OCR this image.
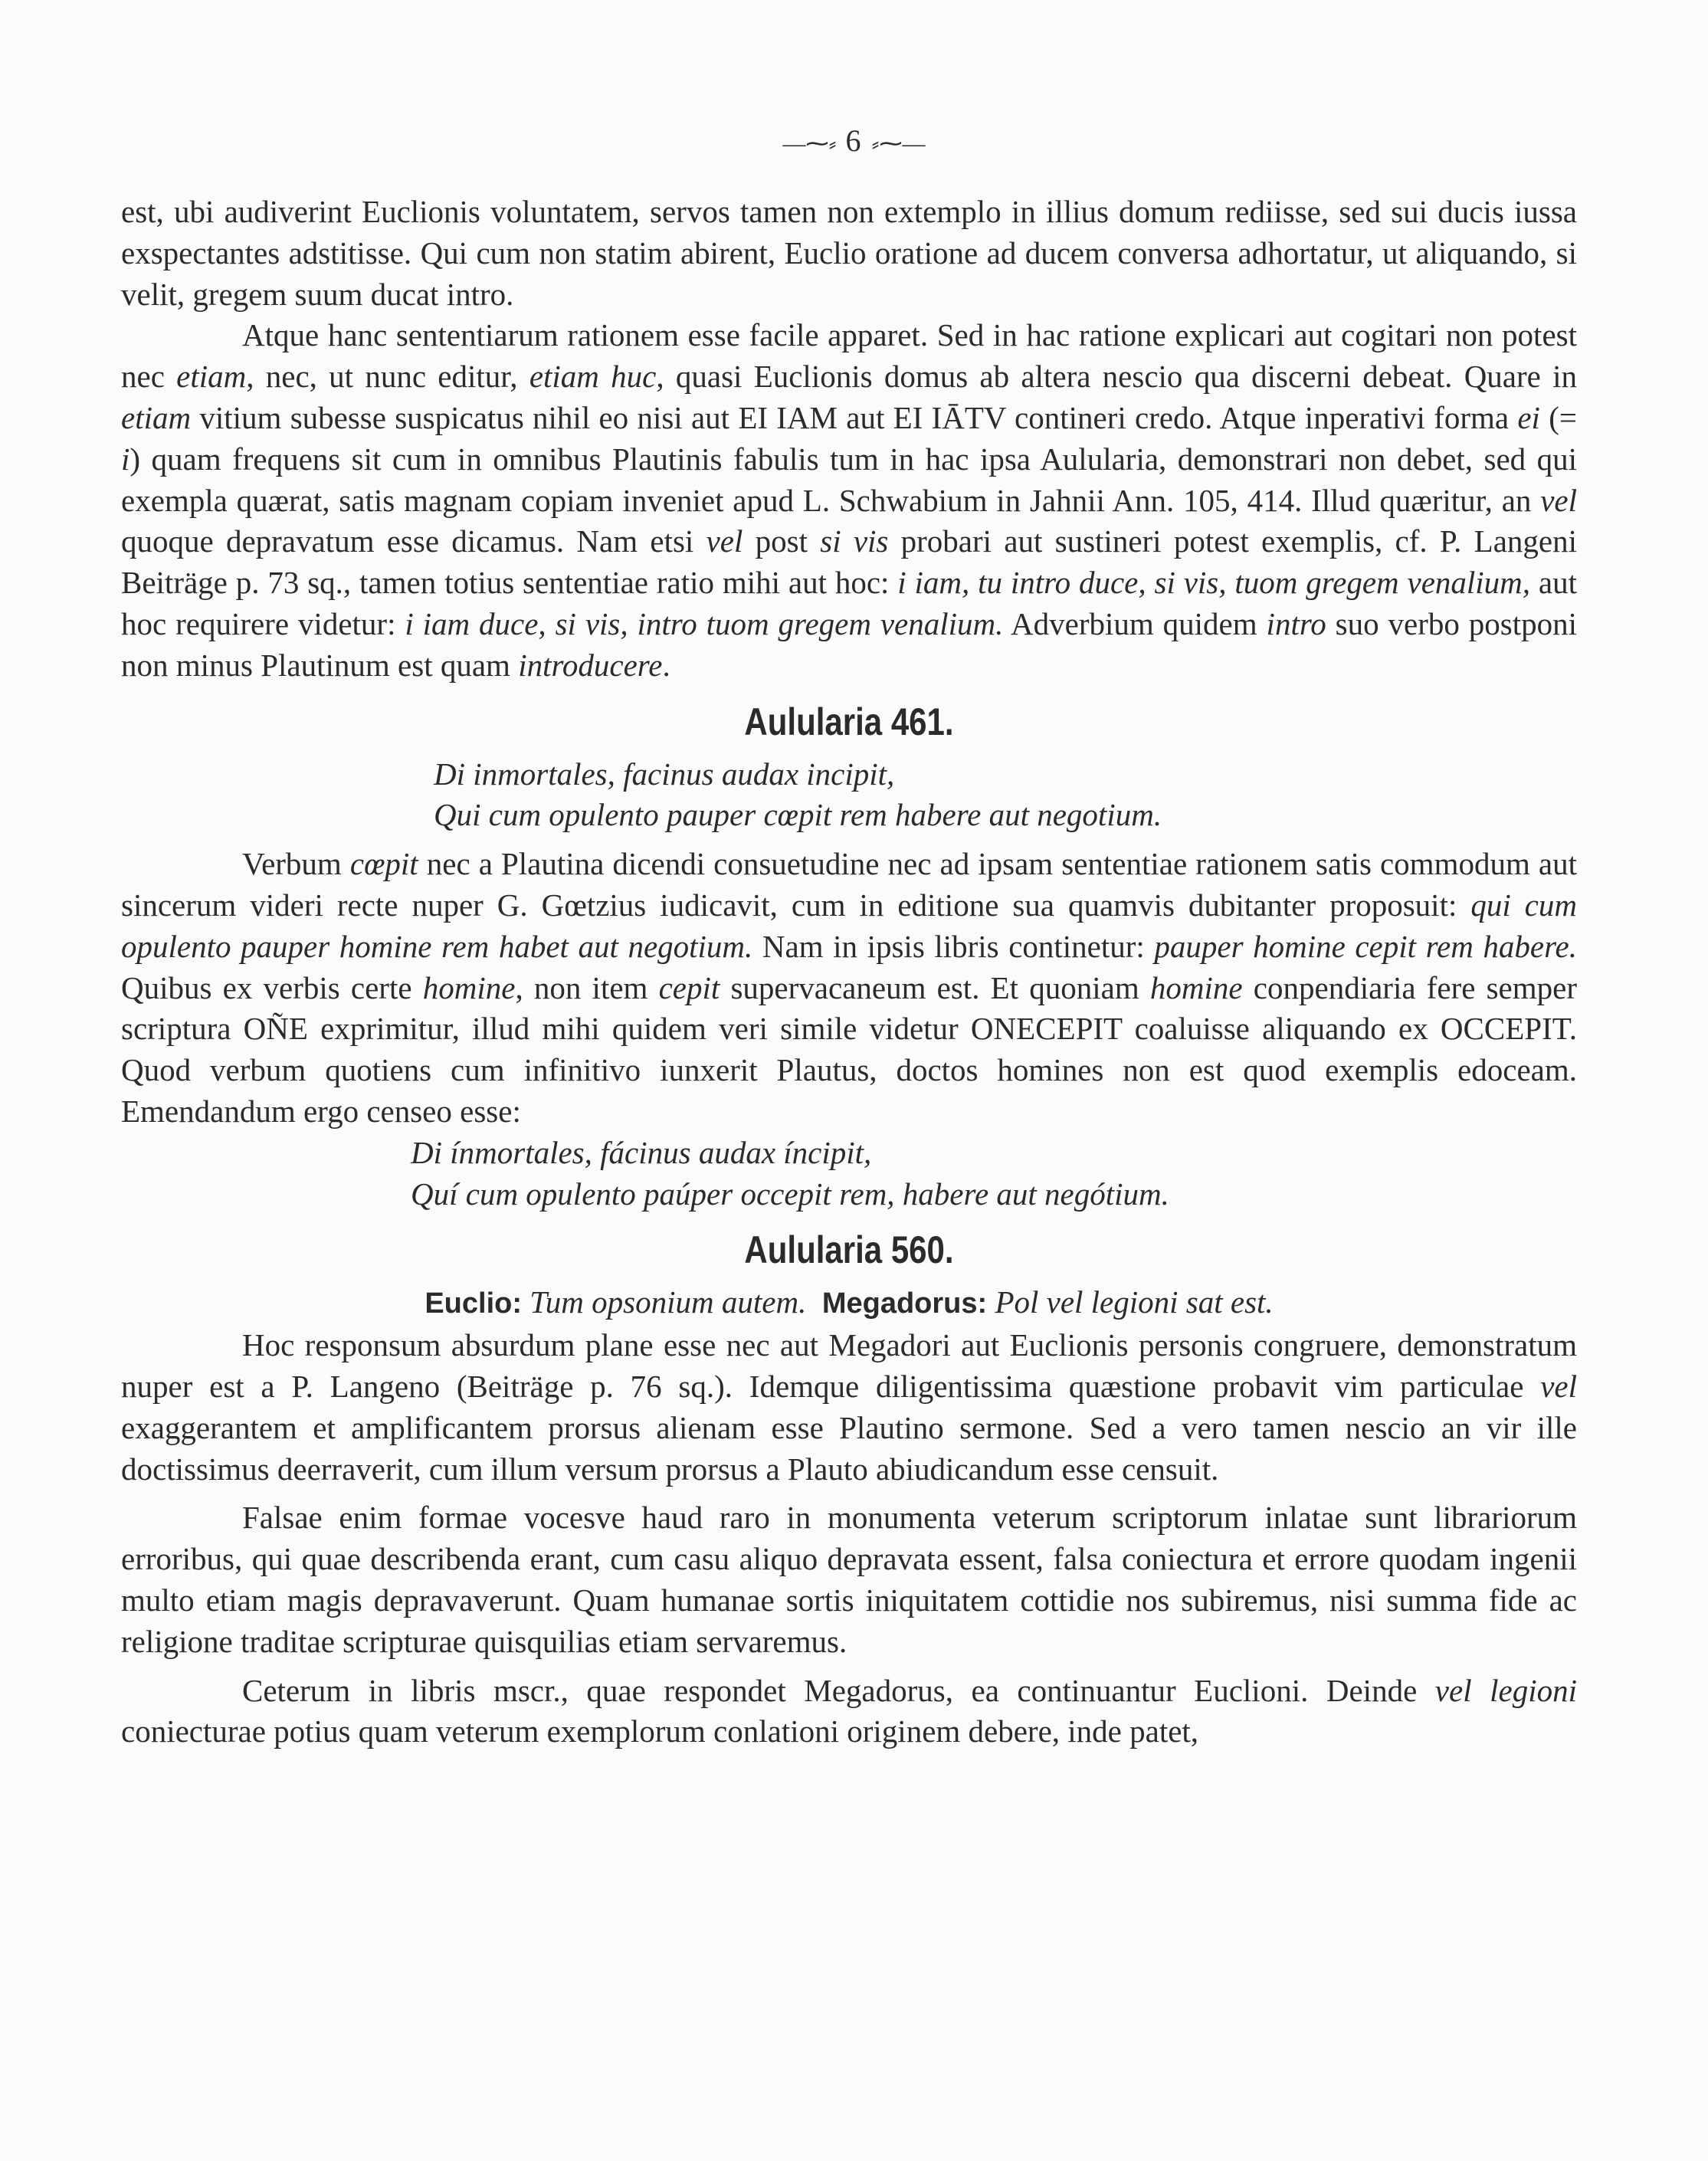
—⁓⸗ 6 ⸗⁓—

est, ubi audiverint Euclionis voluntatem, servos tamen non extemplo in illius domum rediisse, sed sui ducis iussa exspectantes adstitisse. Qui cum non statim abirent, Euclio oratione ad ducem conversa adhortatur, ut aliquando, si velit, gregem suum ducat intro.

Atque hanc sententiarum rationem esse facile apparet. Sed in hac ratione explicari aut cogitari non potest nec etiam, nec, ut nunc editur, etiam huc, quasi Euclionis domus ab altera nescio qua discerni debeat. Quare in etiam vitium subesse suspicatus nihil eo nisi aut EI IAM aut EI IĀTV contineri credo. Atque inperativi forma ei (= i) quam frequens sit cum in omnibus Plautinis fabulis tum in hac ipsa Aulularia, demonstrari non debet, sed qui exempla quærat, satis magnam copiam inveniet apud L. Schwabium in Jahnii Ann. 105, 414. Illud quæritur, an vel quoque depravatum esse dicamus. Nam etsi vel post si vis probari aut sustineri potest exemplis, cf. P. Langeni Beiträge p. 73 sq., tamen totius sententiae ratio mihi aut hoc: i iam, tu intro duce, si vis, tuom gregem venalium, aut hoc requirere videtur: i iam duce, si vis, intro tuom gregem venalium. Adverbium quidem intro suo verbo postponi non minus Plautinum est quam introducere.

Aulularia 461.

Di inmortales, facinus audax incipit,

Qui cum opulento pauper cœpit rem habere aut negotium.

Verbum cœpit nec a Plautina dicendi consuetudine nec ad ipsam sententiae rationem satis commodum aut sincerum videri recte nuper G. Gœtzius iudicavit, cum in editione sua quamvis dubitanter proposuit: qui cum opulento pauper homine rem habet aut negotium. Nam in ipsis libris continetur: pauper homine cepit rem habere. Quibus ex verbis certe homine, non item cepit supervacaneum est. Et quoniam homine conpendiaria fere semper scriptura OÑE exprimitur, illud mihi quidem veri simile videtur ONECEPIT coaluisse aliquando ex OCCEPIT. Quod verbum quotiens cum infinitivo iunxerit Plautus, doctos homines non est quod exemplis edoceam. Emendandum ergo censeo esse:

Di ínmortales, fácinus audax íncipit,

Quí cum opulento paúper occepit rem, habere aut negótium.

Aulularia 560.

Euclio: Tum opsonium autem. Megadorus: Pol vel legioni sat est.

Hoc responsum absurdum plane esse nec aut Megadori aut Euclionis personis congruere, demonstratum nuper est a P. Langeno (Beiträge p. 76 sq.). Idemque diligentissima quæstione probavit vim particulae vel exaggerantem et amplificantem prorsus alienam esse Plautino sermone. Sed a vero tamen nescio an vir ille doctissimus deerraverit, cum illum versum prorsus a Plauto abiudicandum esse censuit.

Falsae enim formae vocesve haud raro in monumenta veterum scriptorum inlatae sunt librariorum erroribus, qui quae describenda erant, cum casu aliquo depravata essent, falsa coniectura et errore quodam ingenii multo etiam magis depravaverunt. Quam humanae sortis iniquitatem cottidie nos subiremus, nisi summa fide ac religione traditae scripturae quisquilias etiam servaremus.

Ceterum in libris mscr., quae respondet Megadorus, ea continuantur Euclioni. Deinde vel legioni coniecturae potius quam veterum exemplorum conlationi originem debere, inde patet,
